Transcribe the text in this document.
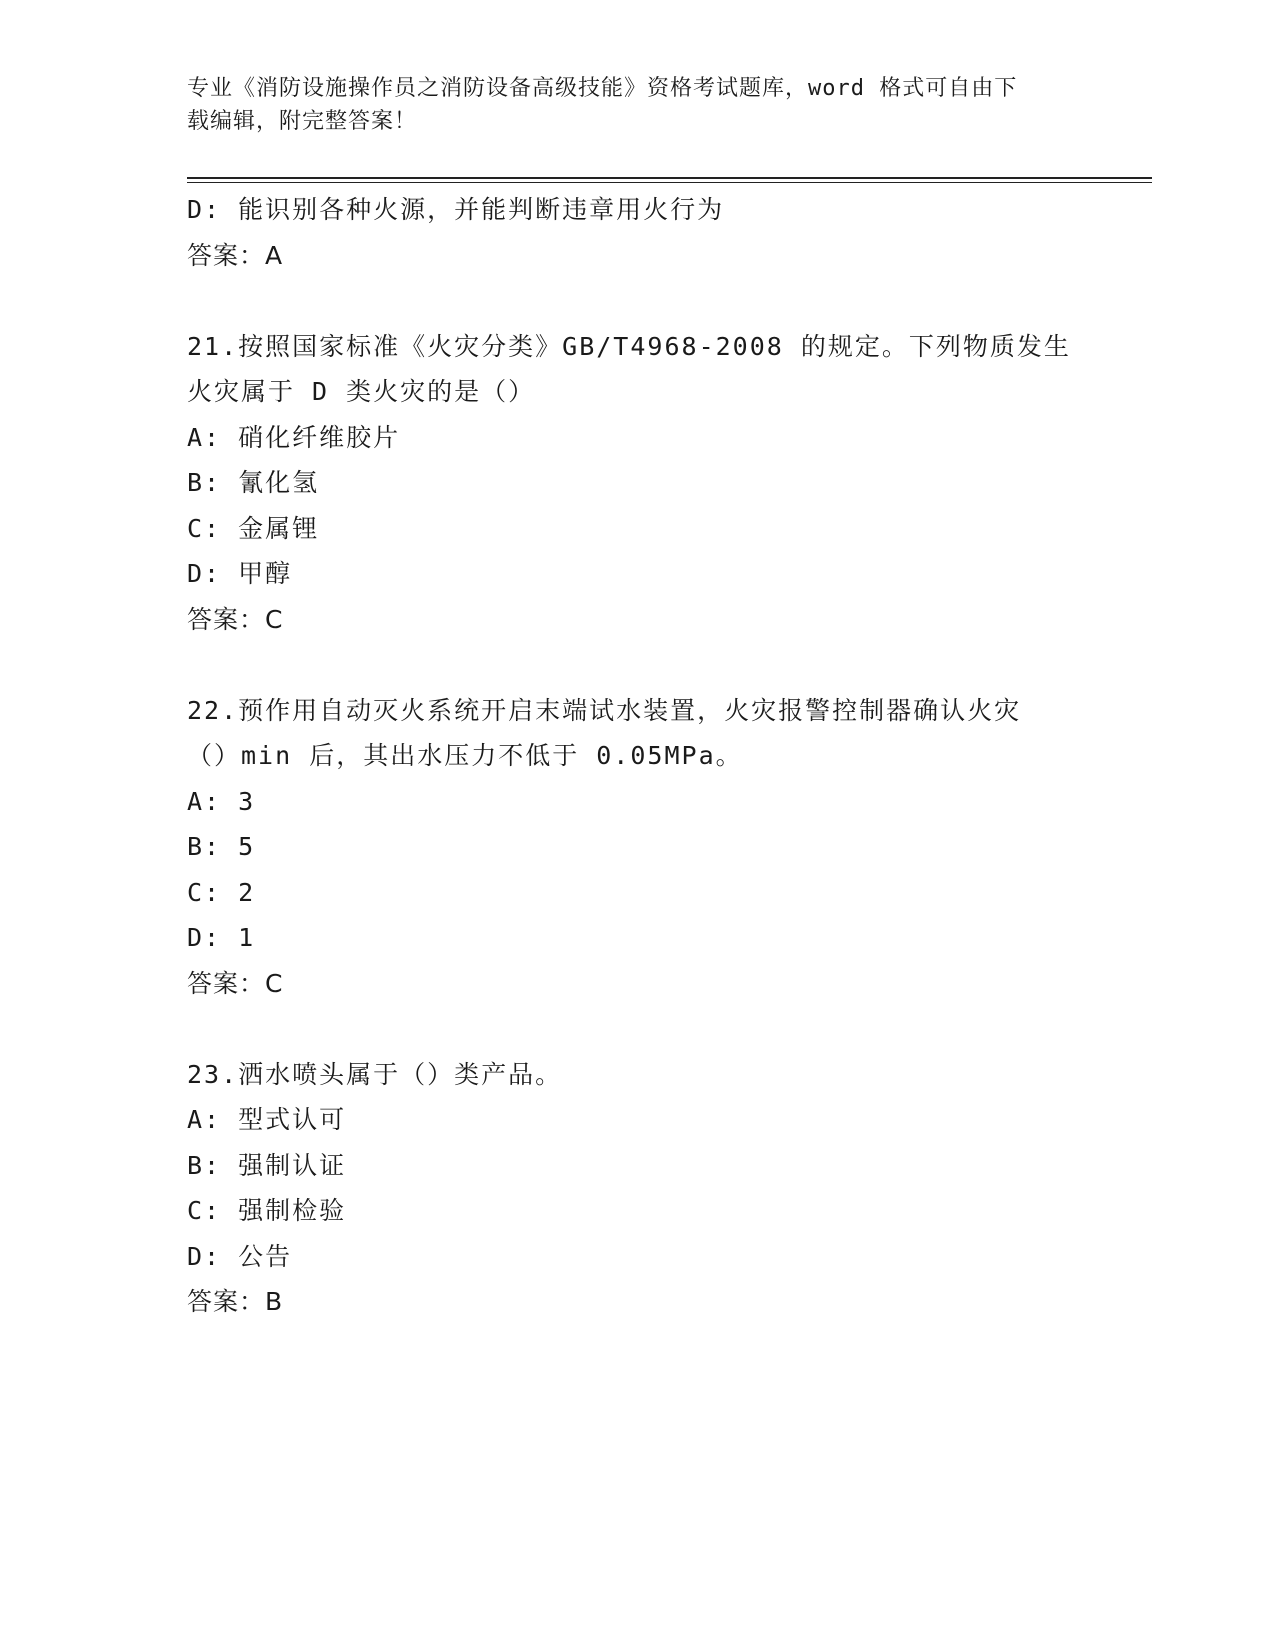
专业《消防设施操作员之消防设备高级技能》资格考试题库，word 格式可自由下
载编辑，附完整答案！
D: 能识别各种火源，并能判断违章用火行为
答案：A
21.按照国家标准《火灾分类》GB/T4968-2008 的规定。下列物质发生
火灾属于 D 类火灾的是（）
A: 硝化纤维胶片
B: 氰化氢
C: 金属锂
D: 甲醇
答案：C
22.预作用自动灭火系统开启末端试水装置，火灾报警控制器确认火灾
（）min 后，其出水压力不低于 0.05MPa。
A: 3
B: 5
C: 2
D: 1
答案：C
23.洒水喷头属于（）类产品。
A: 型式认可
B: 强制认证
C: 强制检验
D: 公告
答案：B
